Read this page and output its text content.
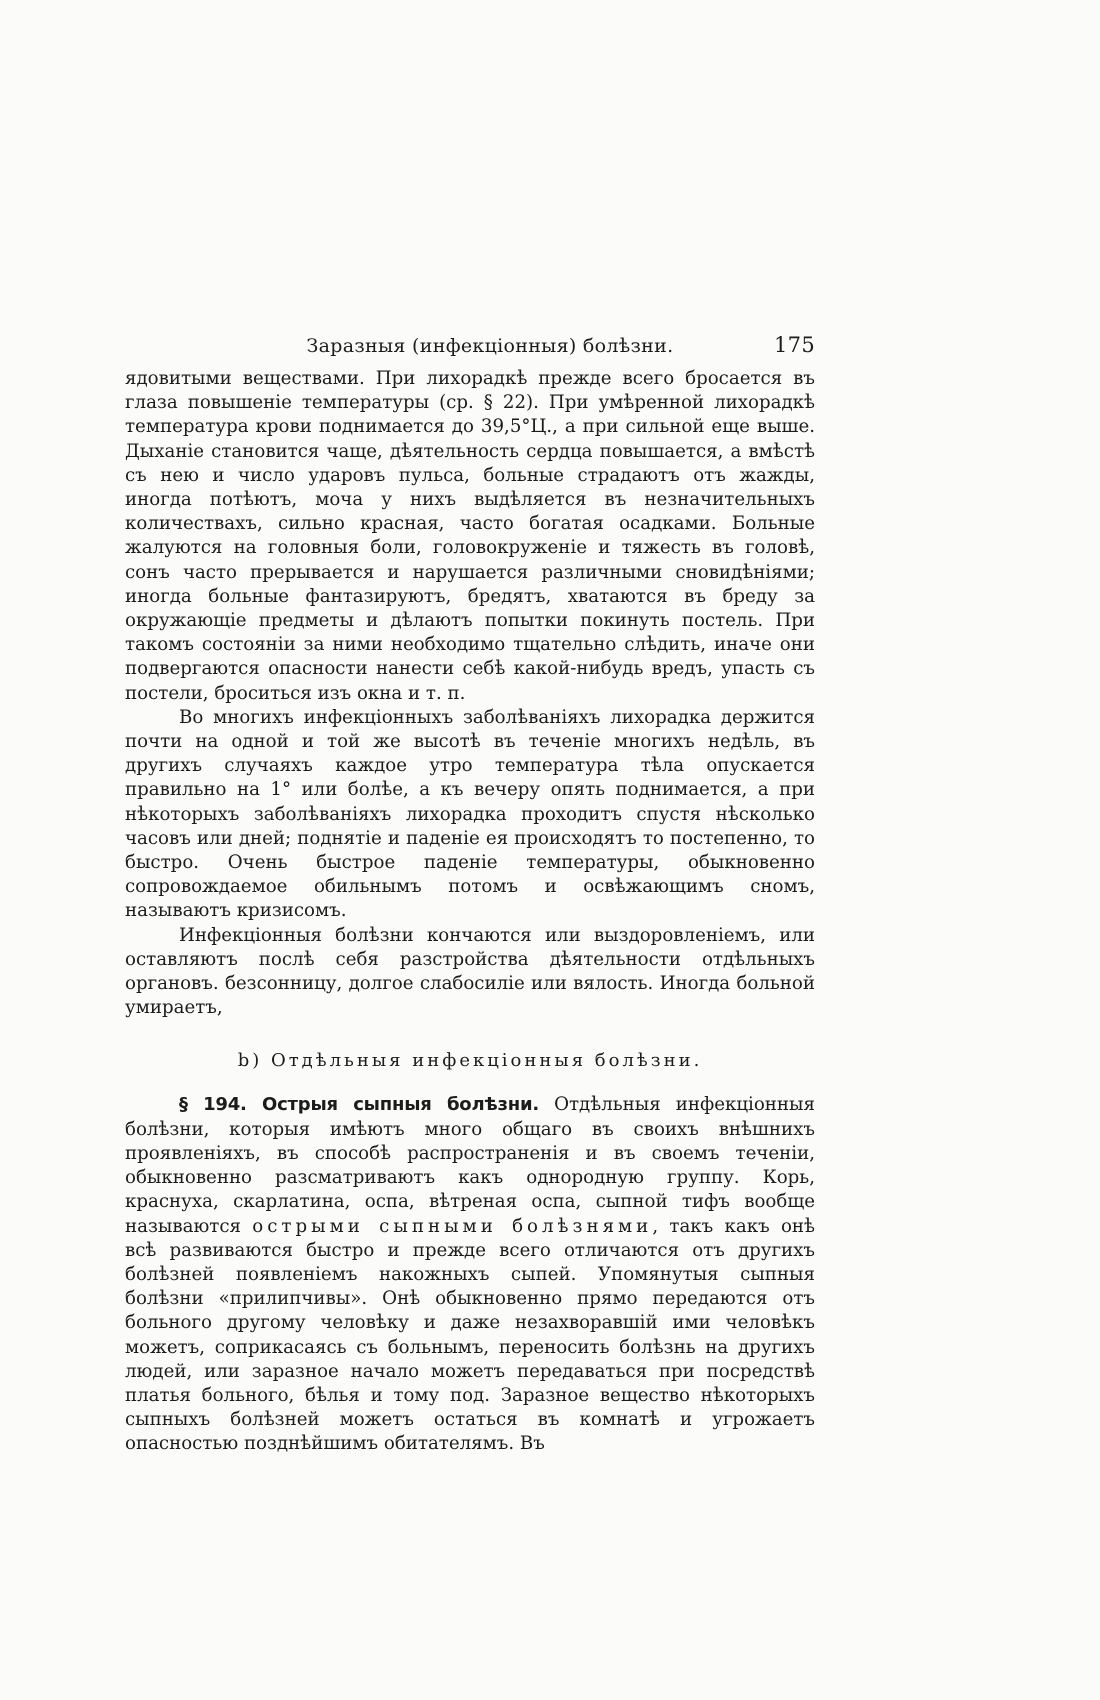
Заразныя (инфекціонныя) болѣзни.	175

ядовитыми веществами. При лихорадкѣ прежде всего бросается въ глаза повышеніе температуры (ср. § 22). При умѣренной лихорадкѣ температура крови поднимается до 39,5°Ц., а при сильной еще выше. Дыханіе становится чаще, дѣятельность сердца повышается, а вмѣстѣ съ нею и число ударовъ пульса, больные страдаютъ отъ жажды, иногда потѣютъ, моча у нихъ выдѣляется въ незначительныхъ количествахъ, сильно красная, часто богатая осадками. Больные жалуются на головныя боли, головокруженіе и тяжесть въ головѣ, сонъ часто прерывается и нарушается различными сновидѣніями; иногда больные фантазируютъ, бредятъ, хватаются въ бреду за окружающіе предметы и дѣлаютъ попытки покинуть постель. При такомъ состояніи за ними необходимо тщательно слѣдить, иначе они подвергаются опасности нанести себѣ какой-нибудь вредъ, упасть съ постели, броситься изъ окна и т. п.

Во многихъ инфекціонныхъ заболѣваніяхъ лихорадка держится почти на одной и той же высотѣ въ теченіе многихъ недѣль, въ другихъ случаяхъ каждое утро температура тѣла опускается правильно на 1° или болѣе, а къ вечеру опять поднимается, а при нѣкоторыхъ заболѣваніяхъ лихорадка проходитъ спустя нѣсколько часовъ или дней; поднятіе и паденіе ея происходятъ то постепенно, то быстро. Очень быстрое паденіе температуры, обыкновенно сопровождаемое обильнымъ потомъ и освѣжающимъ сномъ, называютъ кризисомъ.

Инфекціонныя болѣзни кончаются или выздоровленіемъ, или оставляютъ послѣ себя разстройства дѣятельности отдѣльныхъ органовъ. безсонницу, долгое слабосиліе или вялость. Иногда больной умираетъ,

b) Отдѣльныя инфекціонныя болѣзни.

§ 194. Острыя сыпныя болѣзни. Отдѣльныя инфекціонныя болѣзни, которыя имѣютъ много общаго въ своихъ внѣшнихъ проявленіяхъ, въ способѣ распространенія и въ своемъ теченіи, обыкновенно разсматриваютъ какъ однородную группу. Корь, краснуха, скарлатина, оспа, вѣтреная оспа, сыпной тифъ вообще называются острыми сыпными болѣзнями, такъ какъ онѣ всѣ развиваются быстро и прежде всего отличаются отъ другихъ болѣзней появленіемъ накожныхъ сыпей. Упомянутыя сыпныя болѣзни «прилипчивы». Онѣ обыкновенно прямо передаются отъ больного другому человѣку и даже незахворавшій ими человѣкъ можетъ, соприкасаясь съ больнымъ, переносить болѣзнь на другихъ людей, или заразное начало можетъ передаваться при посредствѣ платья больного, бѣлья и тому под. Заразное вещество нѣкоторыхъ сыпныхъ болѣзней можетъ остаться въ комнатѣ и угрожаетъ опасностью позднѣйшимъ обитателямъ. Въ
